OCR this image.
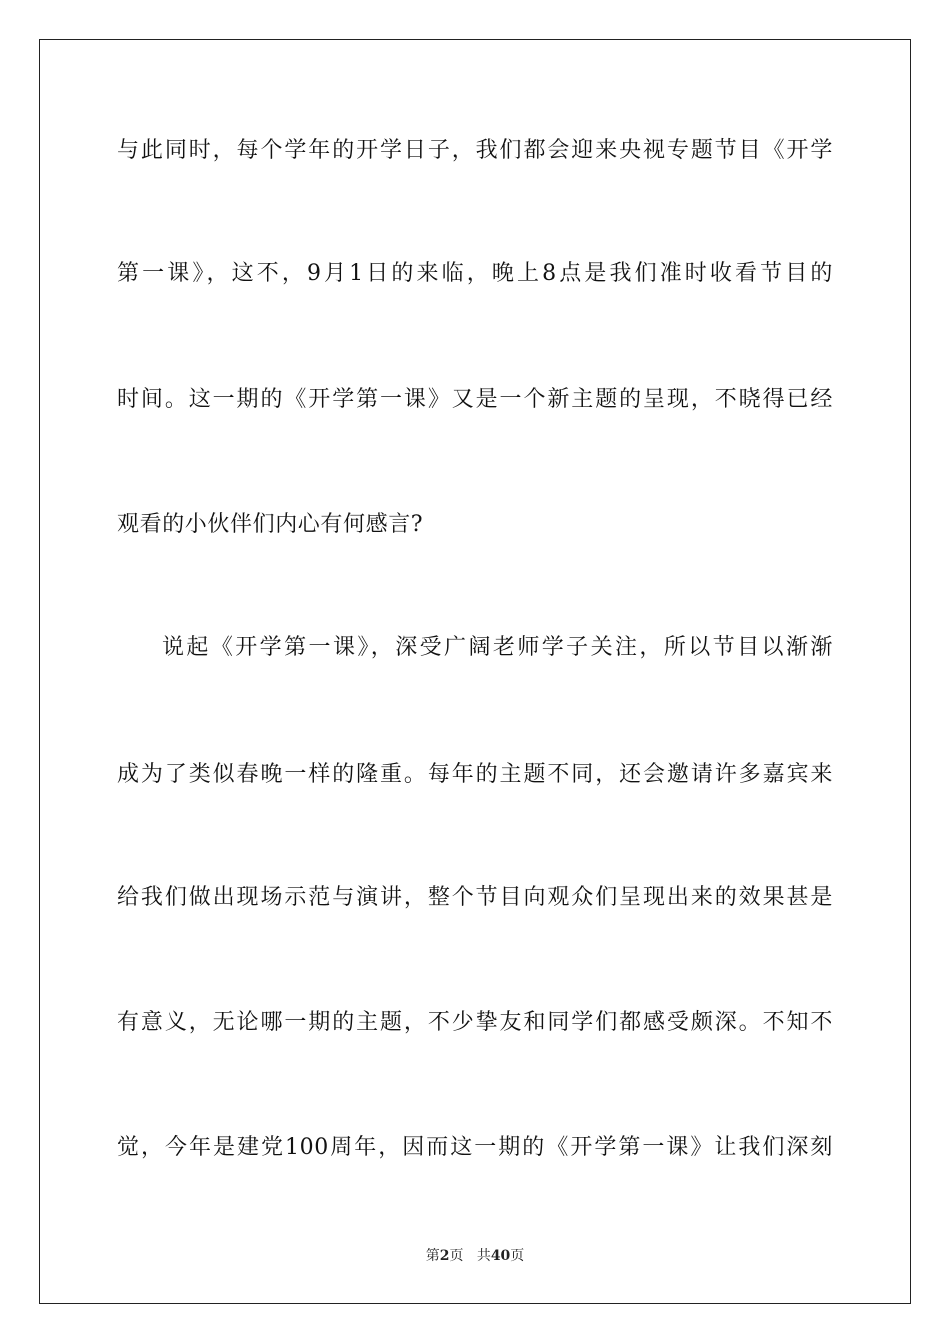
与此同时，每个学年的开学日子，我们都会迎来央视专题节目《开学
第一课》，这不，9月1日的来临，晚上8点是我们准时收看节目的
时间。这一期的《开学第一课》又是一个新主题的呈现，不晓得已经
观看的小伙伴们内心有何感言?
说起《开学第一课》，深受广阔老师学子关注，所以节目以渐渐
成为了类似春晚一样的隆重。每年的主题不同，还会邀请许多嘉宾来
给我们做出现场示范与演讲，整个节目向观众们呈现出来的效果甚是
有意义，无论哪一期的主题，不少挚友和同学们都感受颇深。不知不
觉，今年是建党100周年，因而这一期的《开学第一课》让我们深刻
第2页 共40页
